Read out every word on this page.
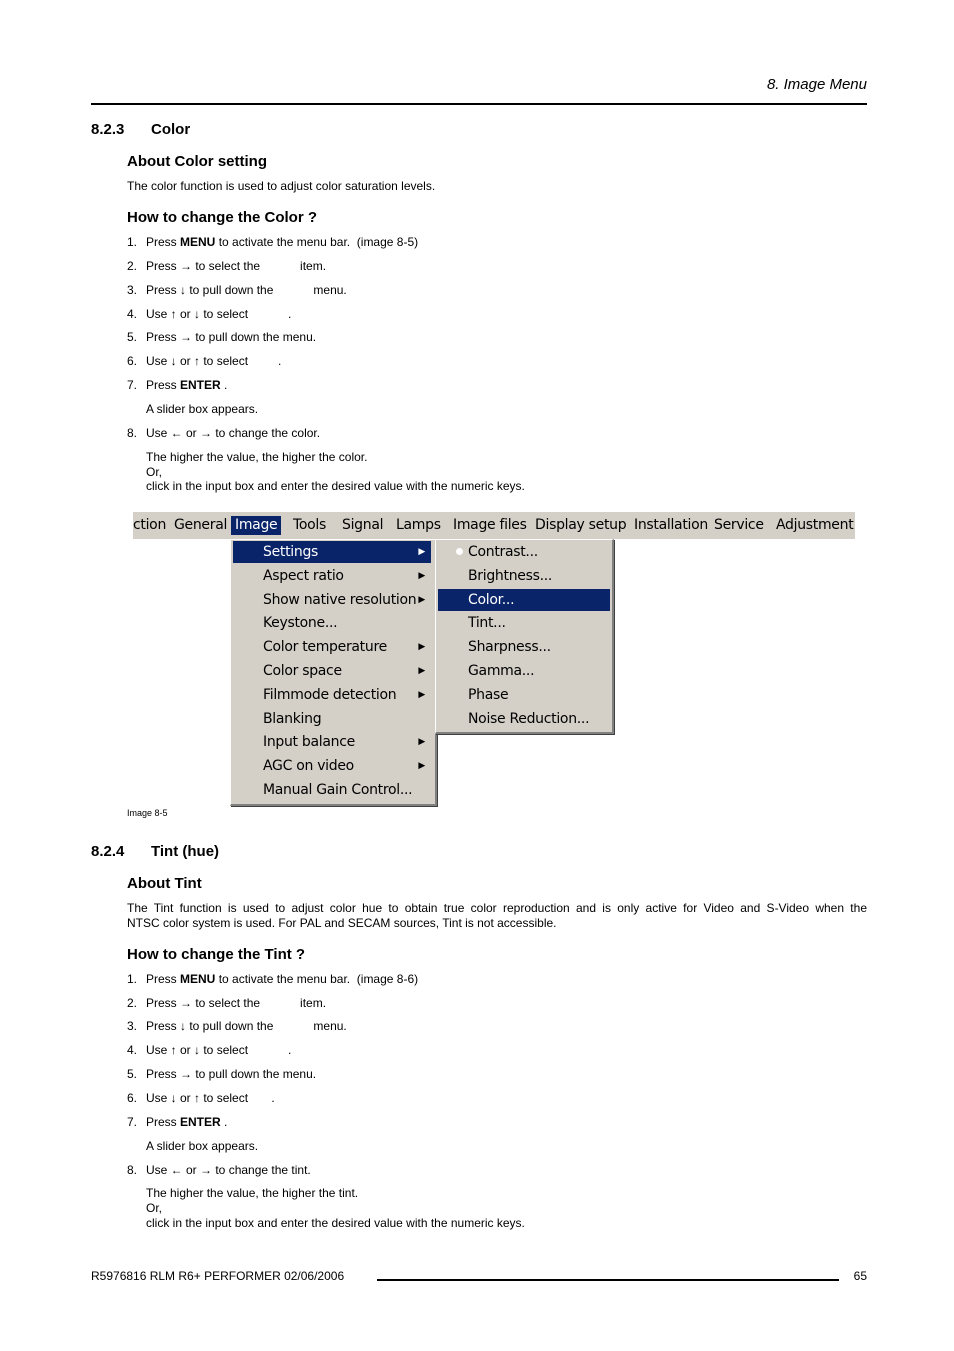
8. Image Menu
8.2.3 Color
About Color setting
The color function is used to adjust color saturation levels.
How to change the Color ?
1. Press MENU to activate the menu bar.  (image 8-5)
2. Press → to select the            item.
3. Press ↓ to pull down the            menu.
4. Use ↑ or ↓ to select            .
5. Press → to pull down the menu.
6. Use ↓ or ↑ to select         .
7. Press ENTER .
8. Use ← or → to change the color.
A slider box appears.
The higher the value, the higher the color.
Or,
click in the input box and enter the desired value with the numeric keys.
ction General Image Tools Signal Lamps Image files Display setup Installation Service Adjustment
Settings	▶
Aspect ratio	▶
Show native resolution ▶
Keystone...
Color temperature	▶
Color space	▶
Filmmode detection ▶
Blanking
Input balance	▶
AGC on video	▶
Manual Gain Control...
Contrast...
Brightness...
Color...
Tint...
Sharpness...
Gamma...
Phase
Noise Reduction...
Image 8-5
8.2.4 Tint (hue)
About Tint
The Tint function is used to adjust color hue to obtain true color reproduction and is only active for Video and S-Video when the
NTSC color system is used. For PAL and SECAM sources, Tint is not accessible.
How to change the Tint ?
1. Press MENU to activate the menu bar.  (image 8-6)
2. Press → to select the            item.
3. Press ↓ to pull down the            menu.
4. Use ↑ or ↓ to select            .
5. Press → to pull down the menu.
6. Use ↓ or ↑ to select       .
7. Press ENTER .
8. Use ← or → to change the tint.
A slider box appears.
The higher the value, the higher the tint.
Or,
click in the input box and enter the desired value with the numeric keys.
R5976816 RLM R6+ PERFORMER 02/06/2006	65
